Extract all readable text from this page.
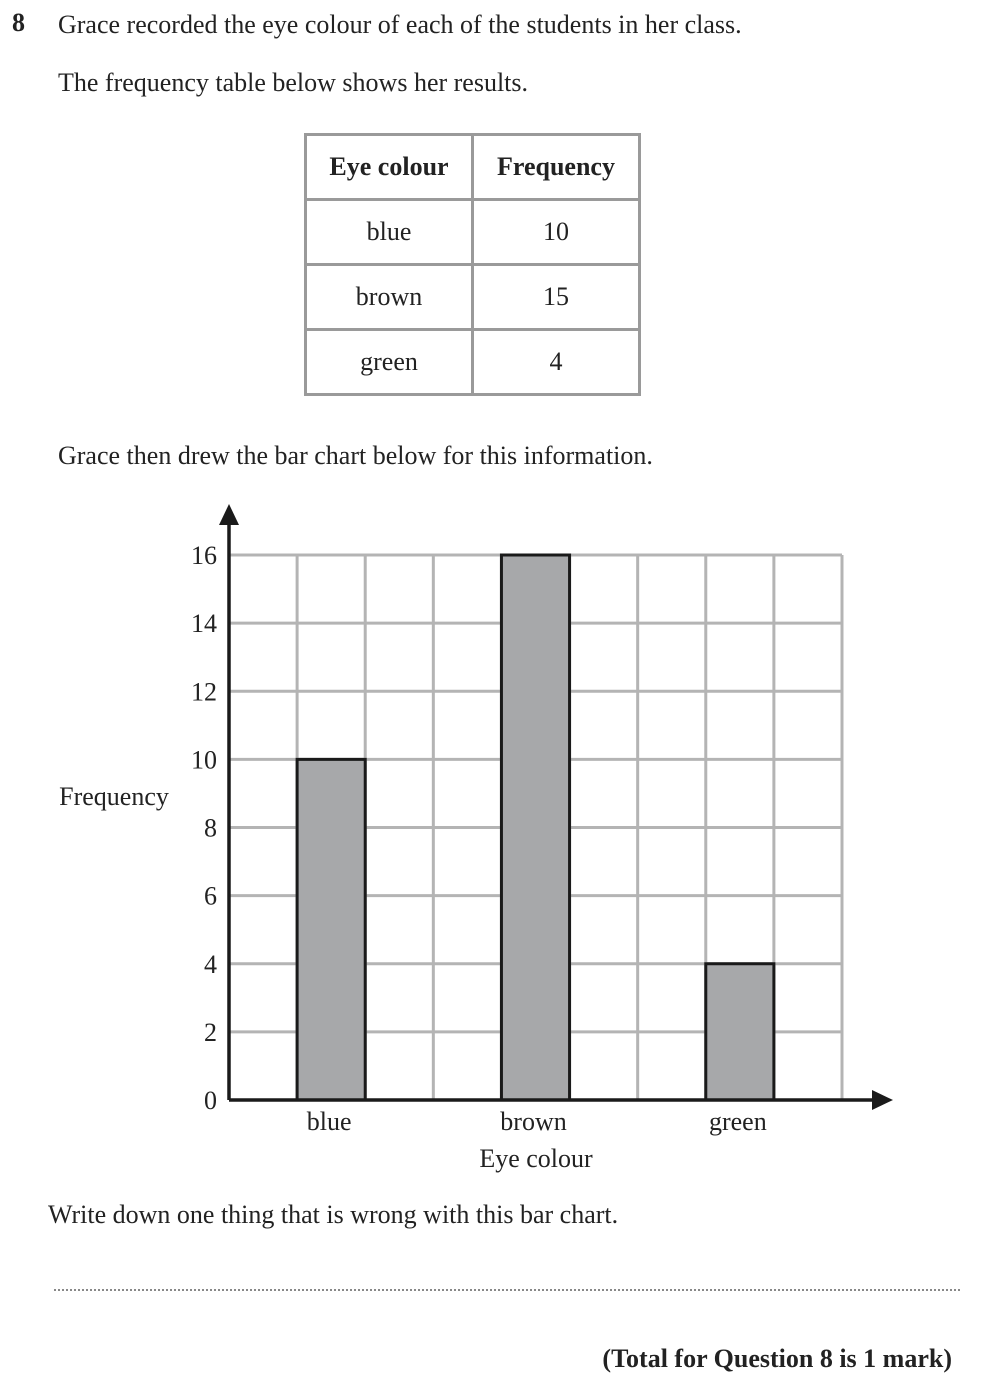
8 Grace recorded the eye colour of each of the students in her class.
The frequency table below shows her results.
Eye colour	Frequency
blue	10
brown	15
green	4
Grace then drew the bar chart below for this information.
0
2
4
6
8
10
12
14
16
blue	brown	green
Frequency
Eye colour
Write down one thing that is wrong with this bar chart.
(Total for Question 8 is 1 mark)
